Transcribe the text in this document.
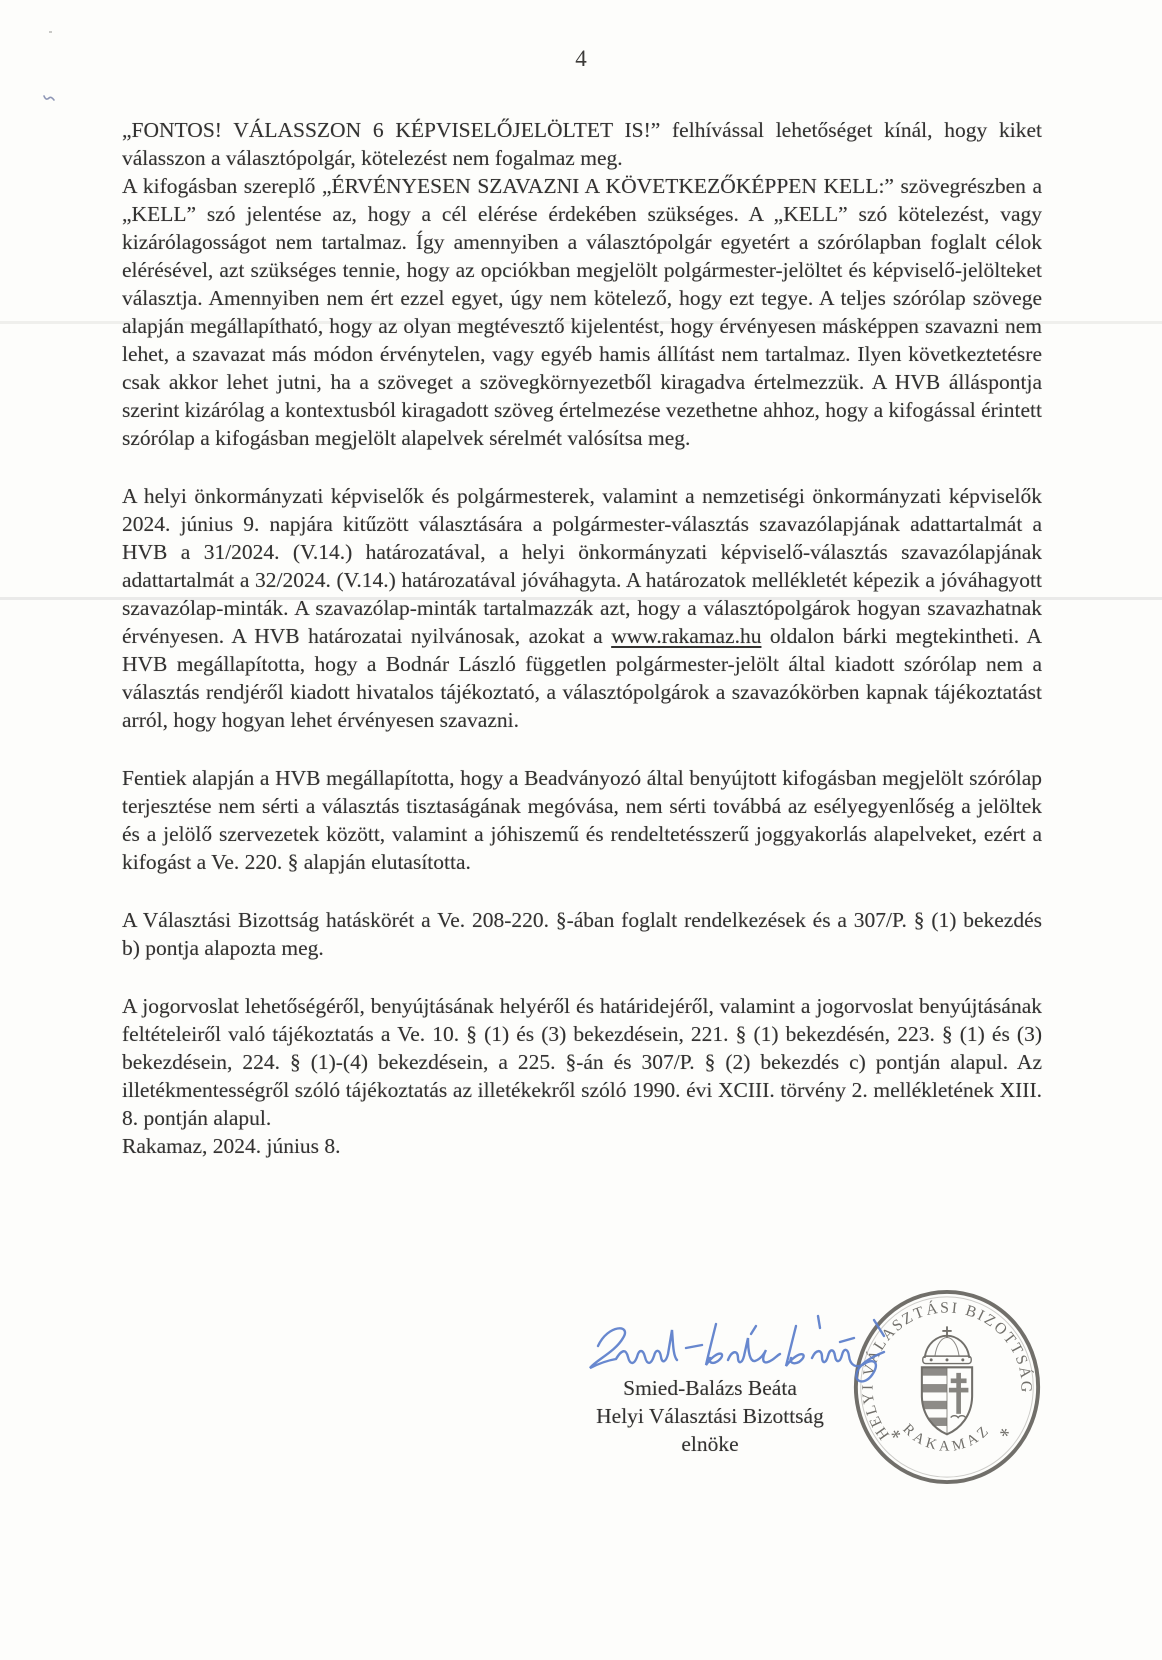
4

„FONTOS! VÁLASSZON 6 KÉPVISELŐJELÖLTET IS!” felhívással lehetőséget kínál, hogy kiket válasszon a választópolgár, kötelezést nem fogalmaz meg.

A kifogásban szereplő „ÉRVÉNYESEN SZAVAZNI A KÖVETKEZŐKÉPPEN KELL:” szövegrészben a „KELL” szó jelentése az, hogy a cél elérése érdekében szükséges. A „KELL” szó kötelezést, vagy kizárólagosságot nem tartalmaz. Így amennyiben a választópolgár egyetért a szórólapban foglalt célok elérésével, azt szükséges tennie, hogy az opciókban megjelölt polgármester-jelöltet és képviselő-jelölteket választja. Amennyiben nem ért ezzel egyet, úgy nem kötelező, hogy ezt tegye. A teljes szórólap szövege alapján megállapítható, hogy az olyan megtévesztő kijelentést, hogy érvényesen másképpen szavazni nem lehet, a szavazat más módon érvénytelen, vagy egyéb hamis állítást nem tartalmaz. Ilyen következtetésre csak akkor lehet jutni, ha a szöveget a szövegkörnyezetből kiragadva értelmezzük. A HVB álláspontja szerint kizárólag a kontextusból kiragadott szöveg értelmezése vezethetne ahhoz, hogy a kifogással érintett szórólap a kifogásban megjelölt alapelvek sérelmét valósítsa meg.

A helyi önkormányzati képviselők és polgármesterek, valamint a nemzetiségi önkormányzati képviselők 2024. június 9. napjára kitűzött választására a polgármester-választás szavazólapjának adattartalmát a HVB a 31/2024. (V.14.) határozatával, a helyi önkormányzati képviselő-választás szavazólapjának adattartalmát a 32/2024. (V.14.) határozatával jóváhagyta. A határozatok mellékletét képezik a jóváhagyott szavazólap-minták. A szavazólap-minták tartalmazzák azt, hogy a választópolgárok hogyan szavazhatnak érvényesen. A HVB határozatai nyilvánosak, azokat a www.rakamaz.hu oldalon bárki megtekintheti. A HVB megállapította, hogy a Bodnár László független polgármester-jelölt által kiadott szórólap nem a választás rendjéről kiadott hivatalos tájékoztató, a választópolgárok a szavazókörben kapnak tájékoztatást arról, hogy hogyan lehet érvényesen szavazni.

Fentiek alapján a HVB megállapította, hogy a Beadványozó által benyújtott kifogásban megjelölt szórólap terjesztése nem sérti a választás tisztaságának megóvása, nem sérti továbbá az esélyegyenlőség a jelöltek és a jelölő szervezetek között, valamint a jóhiszemű és rendeltetésszerű joggyakorlás alapelveket, ezért a kifogást a Ve. 220. § alapján elutasította.

A Választási Bizottság hatáskörét a Ve. 208-220. §-ában foglalt rendelkezések és a 307/P. § (1) bekezdés b) pontja alapozta meg.

A jogorvoslat lehetőségéről, benyújtásának helyéről és határidejéről, valamint a jogorvoslat benyújtásának feltételeiről való tájékoztatás a Ve. 10. § (1) és (3) bekezdésein, 221. § (1) bekezdésén, 223. § (1) és (3) bekezdésein, 224. § (1)-(4) bekezdésein, a 225. §-án és 307/P. § (2) bekezdés c) pontján alapul. Az illetékmentességről szóló tájékoztatás az illetékekről szóló 1990. évi XCIII. törvény 2. mellékletének XIII. 8. pontján alapul.

Rakamaz, 2024. június 8.

HELYI VÁLASZTÁSI BIZOTTSÁG
RAKAMAZ
*	*
Smied-Balázs Beáta
Helyi Választási Bizottság
elnöke
